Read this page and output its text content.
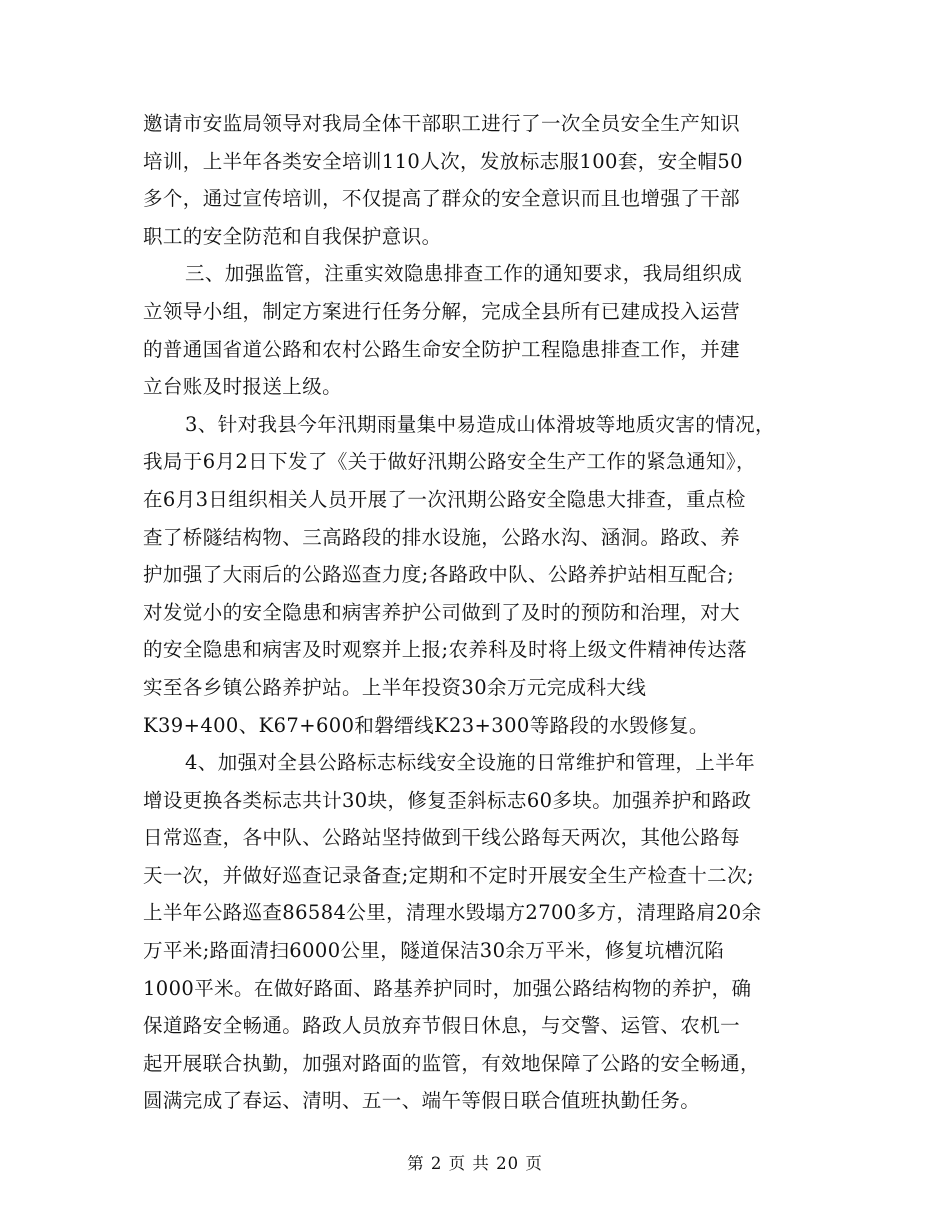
邀请市安监局领导对我局全体干部职工进行了一次全员安全生产知识
培训，上半年各类安全培训110人次，发放标志服100套，安全帽50
多个，通过宣传培训，不仅提高了群众的安全意识而且也增强了干部
职工的安全防范和自我保护意识。
三、加强监管，注重实效隐患排查工作的通知要求，我局组织成
立领导小组，制定方案进行任务分解，完成全县所有已建成投入运营
的普通国省道公路和农村公路生命安全防护工程隐患排查工作，并建
立台账及时报送上级。
3、针对我县今年汛期雨量集中易造成山体滑坡等地质灾害的情况，
我局于6月2日下发了《关于做好汛期公路安全生产工作的紧急通知》，
在6月3日组织相关人员开展了一次汛期公路安全隐患大排查，重点检
查了桥隧结构物、三高路段的排水设施，公路水沟、涵洞。路政、养
护加强了大雨后的公路巡查力度;各路政中队、公路养护站相互配合;
对发觉小的安全隐患和病害养护公司做到了及时的预防和治理，对大
的安全隐患和病害及时观察并上报;农养科及时将上级文件精神传达落
实至各乡镇公路养护站。上半年投资30余万元完成科大线
K39+400、K67+600和磐缙线K23+300等路段的水毁修复。
4、加强对全县公路标志标线安全设施的日常维护和管理，上半年
增设更换各类标志共计30块，修复歪斜标志60多块。加强养护和路政
日常巡查，各中队、公路站坚持做到干线公路每天两次，其他公路每
天一次，并做好巡查记录备查;定期和不定时开展安全生产检查十二次;
上半年公路巡查86584公里，清理水毁塌方2700多方，清理路肩20余
万平米;路面清扫6000公里，隧道保洁30余万平米，修复坑槽沉陷
1000平米。在做好路面、路基养护同时，加强公路结构物的养护，确
保道路安全畅通。路政人员放弃节假日休息，与交警、运管、农机一
起开展联合执勤，加强对路面的监管，有效地保障了公路的安全畅通，
圆满完成了春运、清明、五一、端午等假日联合值班执勤任务。
第 2 页 共 20 页
